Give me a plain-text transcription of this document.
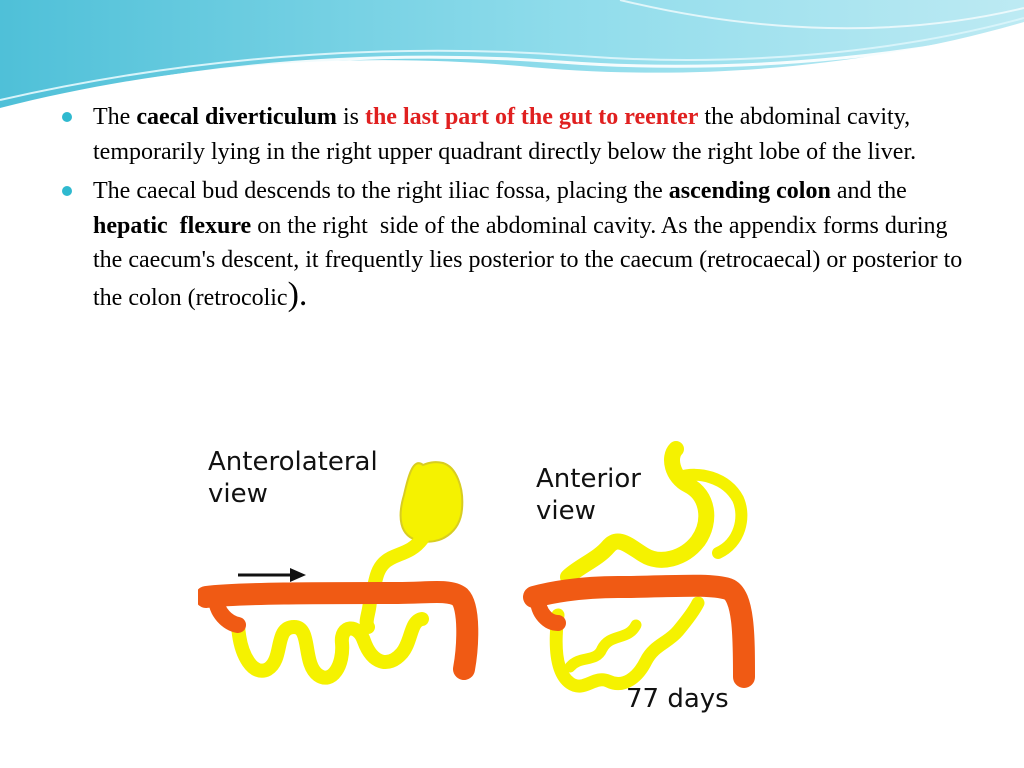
The caecal diverticulum is the last part of the gut to reenter the abdominal cavity, temporarily lying in the right upper quadrant directly below the right lobe of the liver.
The caecal bud descends to the right iliac fossa, placing the ascending colon and the hepatic  flexure on the right  side of the abdominal cavity. As the appendix forms during the caecum's descent, it frequently lies posterior to the caecum (retrocaecal) or posterior to the colon (retrocolic).
Anterolateral
view	Anterior
view
77 days
